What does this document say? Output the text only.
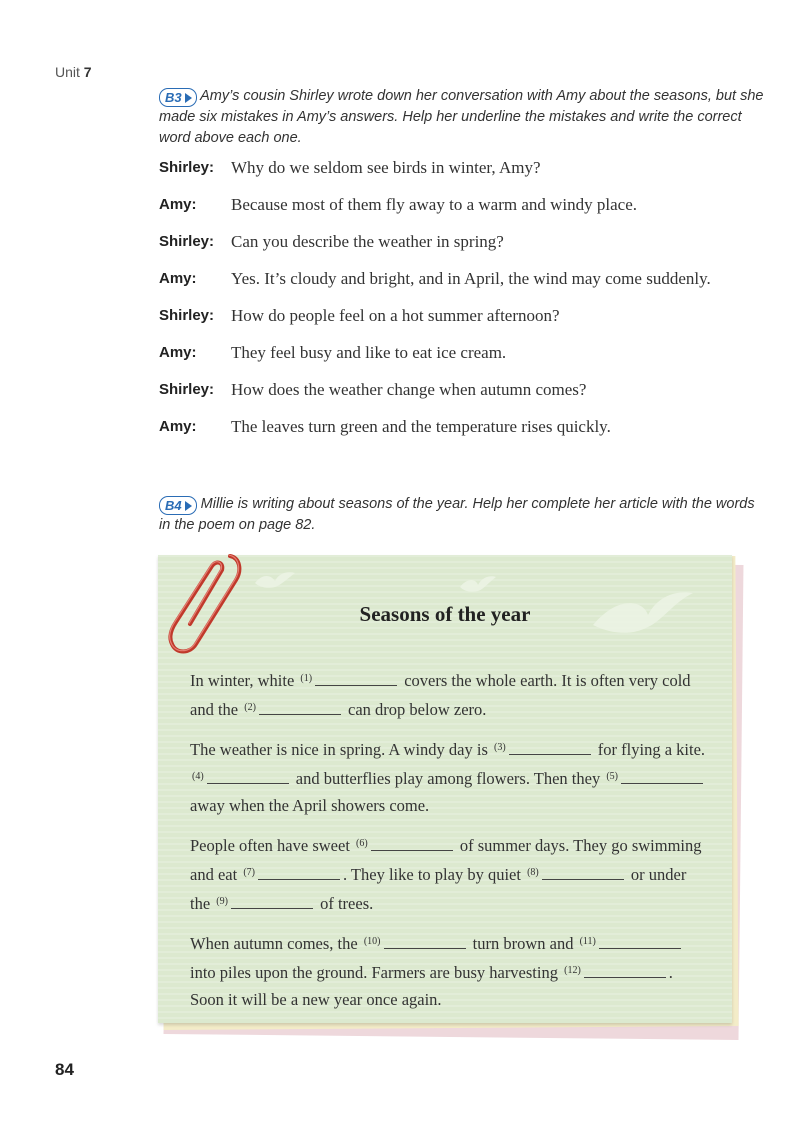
Unit 7
B3 Amy’s cousin Shirley wrote down her conversation with Amy about the seasons, but she made six mistakes in Amy’s answers. Help her underline the mistakes and write the correct word above each one.
Shirley: Why do we seldom see birds in winter, Amy?
Amy:	Because most of them fly away to a warm and windy place.
Shirley: Can you describe the weather in spring?
Amy:	Yes. It’s cloudy and bright, and in April, the wind may come suddenly.
Shirley: How do people feel on a hot summer afternoon?
Amy:	They feel busy and like to eat ice cream.
Shirley: How does the weather change when autumn comes?
Amy:	The leaves turn green and the temperature rises quickly.
B4 Millie is writing about seasons of the year. Help her complete her article with the words in the poem on page 82.
Seasons of the year
In winter, white $^{(1)}$	covers the whole earth. It is often very cold and the $^{(2)}$	can drop below zero.
The weather is nice in spring. A windy day is $^{(3)}$	for flying a kite. $^{(4)}$	and butterflies play among flowers. Then they $^{(5)}$ away when the April showers come.
People often have sweet $^{(6)}$	of summer days. They go swimming and eat $^{(7)}$	. They like to play by quiet $^{(8)}$	or under the $^{(9)}$	of trees.
When autumn comes, the $^{(10)}$	turn brown and $^{(11)}$ into piles upon the ground. Farmers are busy harvesting $^{(12)}$	. Soon it will be a new year once again.
84
